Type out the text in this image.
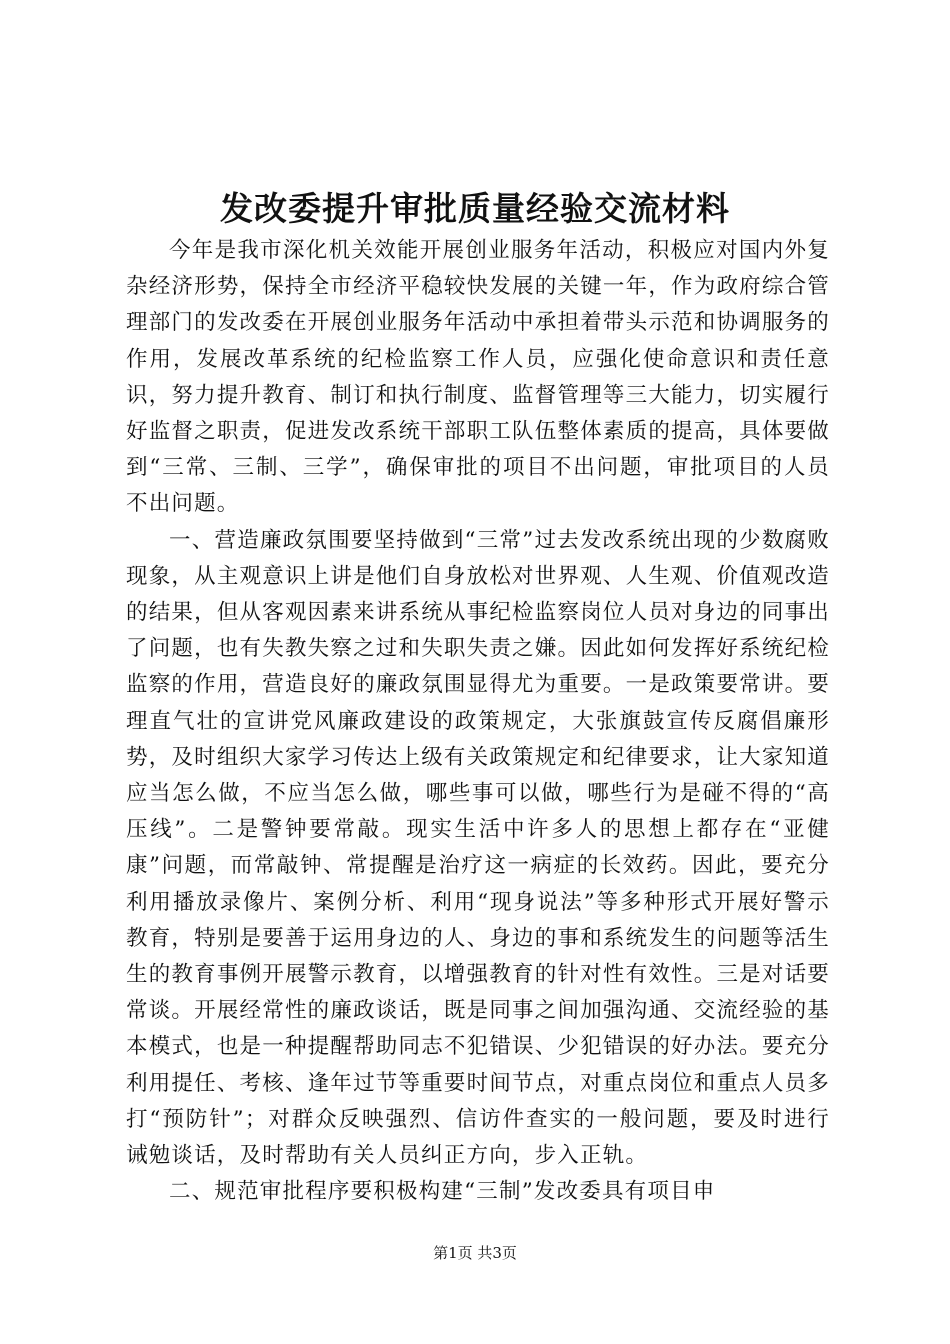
发改委提升审批质量经验交流材料

今年是我市深化机关效能开展创业服务年活动，积极应对国内外复杂经济形势，保持全市经济平稳较快发展的关键一年，作为政府综合管理部门的发改委在开展创业服务年活动中承担着带头示范和协调服务的作用，发展改革系统的纪检监察工作人员，应强化使命意识和责任意识，努力提升教育、制订和执行制度、监督管理等三大能力，切实履行好监督之职责，促进发改系统干部职工队伍整体素质的提高，具体要做到“三常、三制、三学”，确保审批的项目不出问题，审批项目的人员不出问题。

一、营造廉政氛围要坚持做到“三常”过去发改系统出现的少数腐败现象，从主观意识上讲是他们自身放松对世界观、人生观、价值观改造的结果，但从客观因素来讲系统从事纪检监察岗位人员对身边的同事出了问题，也有失教失察之过和失职失责之嫌。因此如何发挥好系统纪检监察的作用，营造良好的廉政氛围显得尤为重要。一是政策要常讲。要理直气壮的宣讲党风廉政建设的政策规定，大张旗鼓宣传反腐倡廉形势，及时组织大家学习传达上级有关政策规定和纪律要求，让大家知道应当怎么做，不应当怎么做，哪些事可以做，哪些行为是碰不得的“高压线”。二是警钟要常敲。现实生活中许多人的思想上都存在“亚健康”问题，而常敲钟、常提醒是治疗这一病症的长效药。因此，要充分利用播放录像片、案例分析、利用“现身说法”等多种形式开展好警示教育，特别是要善于运用身边的人、身边的事和系统发生的问题等活生生的教育事例开展警示教育，以增强教育的针对性有效性。三是对话要常谈。开展经常性的廉政谈话，既是同事之间加强沟通、交流经验的基本模式，也是一种提醒帮助同志不犯错误、少犯错误的好办法。要充分利用提任、考核、逢年过节等重要时间节点，对重点岗位和重点人员多打“预防针”；对群众反映强烈、信访件查实的一般问题，要及时进行诫勉谈话，及时帮助有关人员纠正方向，步入正轨。

二、规范审批程序要积极构建“三制”发改委具有项目申

第1页 共3页
